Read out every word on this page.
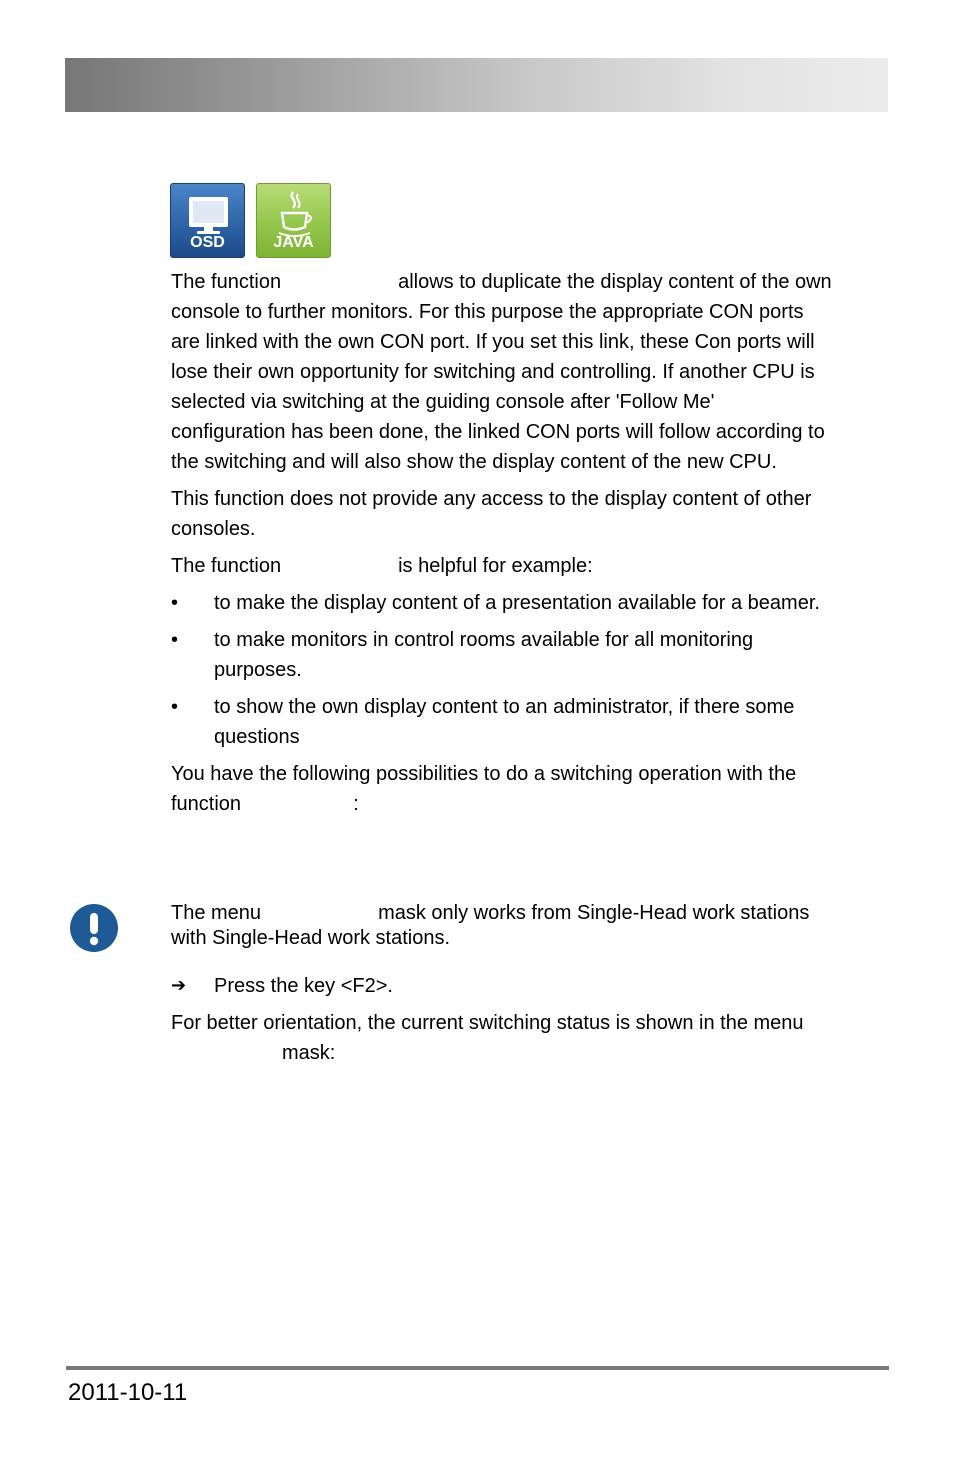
OSD	JAVA
The function	allows to duplicate the display content of the own
console to further monitors. For this purpose the appropriate CON ports
are linked with the own CON port. If you set this link, these Con ports will
lose their own opportunity for switching and controlling. If another CPU is
selected via switching at the guiding console after 'Follow Me'
configuration has been done, the linked CON ports will follow according to
the switching and will also show the display content of the new CPU.
This function does not provide any access to the display content of other
consoles.
The function	is helpful for example:
• to make the display content of a presentation available for a beamer.
• to make monitors in control rooms available for all monitoring
purposes.
• to show the own display content to an administrator, if there some
questions
You have the following possibilities to do a switching operation with the
function	:
The menu	mask only works from Single-Head work stations
with Single-Head work stations.
➔ Press the key <F2>.
For better orientation, the current switching status is shown in the menu
mask:
2011-10-11
